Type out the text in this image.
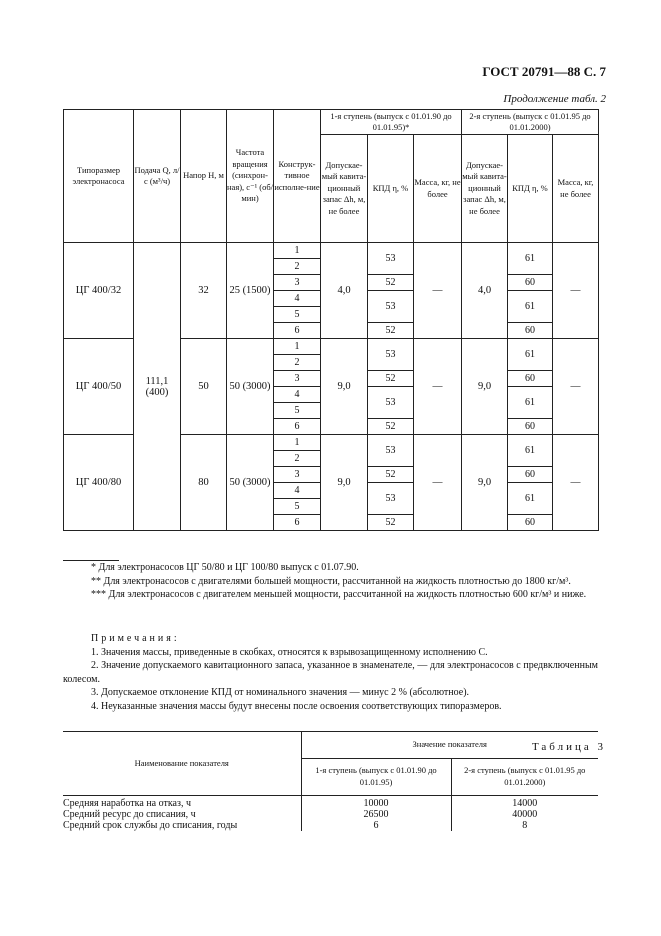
ГОСТ 20791—88 С. 7
Продолжение табл. 2
Типоразмер электронасоса	Подача Q, л/с (м³/ч)	Напор H, м	Частота вращения (синхрон-ная), с⁻¹ (об/мин)	Конструк-тивное исполне-ние	1-я ступень (выпуск с 01.01.90 до 01.01.95)*			2-я ступень (выпуск с 01.01.95 до 01.01.2000)		
					Допускае-мый кавита-ционный запас Δh, м, не более	КПД η, %	Масса, кг, не более	Допускае-мый кавита-ционный запас Δh, м, не более	КПД η, %	Масса, кг, не более
ЦГ 400/32	111,1 (400)	32	25 (1500)	1	4,0	53	—	4,0	61	—
				2						
				3		52			60	
				4		53			61	
				5						
				6		52			60	
ЦГ 400/50		50	50 (3000)	1	9,0	53	—	9,0	61	—
				2						
				3		52			60	
				4		53			61	
				5						
				6		52			60	
ЦГ 400/80		80	50 (3000)	1	9,0	53	—	9,0	61	—
				2						
				3		52			60	
				4		53			61	
				5						
				6		52			60	

* Для электронасосов ЦГ 50/80 и ЦГ 100/80 выпуск с 01.07.90.

** Для электронасосов с двигателями большей мощности, рассчитанной на жидкость плотностью до 1800 кг/м³.

*** Для электронасосов с двигателем меньшей мощности, рассчитанной на жидкость плотностью 600 кг/м³ и ниже.

Примечания:

1. Значения массы, приведенные в скобках, относятся к взрывозащищенному исполнению С.

2. Значение допускаемого кавитационного запаса, указанное в знаменателе, — для электронасосов с предвключенным колесом.

3. Допускаемое отклонение КПД от номинального значения — минус 2 % (абсолютное).

4. Неуказанные значения массы будут внесены после освоения соответствующих типоразмеров.

Таблица 3
Наименование показателя	Значение показателя	
	1-я ступень (выпуск с 01.01.90 до 01.01.95)	2-я ступень (выпуск с 01.01.95 до 01.01.2000)
Средняя наработка на отказ, ч	10000	14000
Средний ресурс до списания, ч	26500	40000
Средний срок службы до списания, годы	6	8
